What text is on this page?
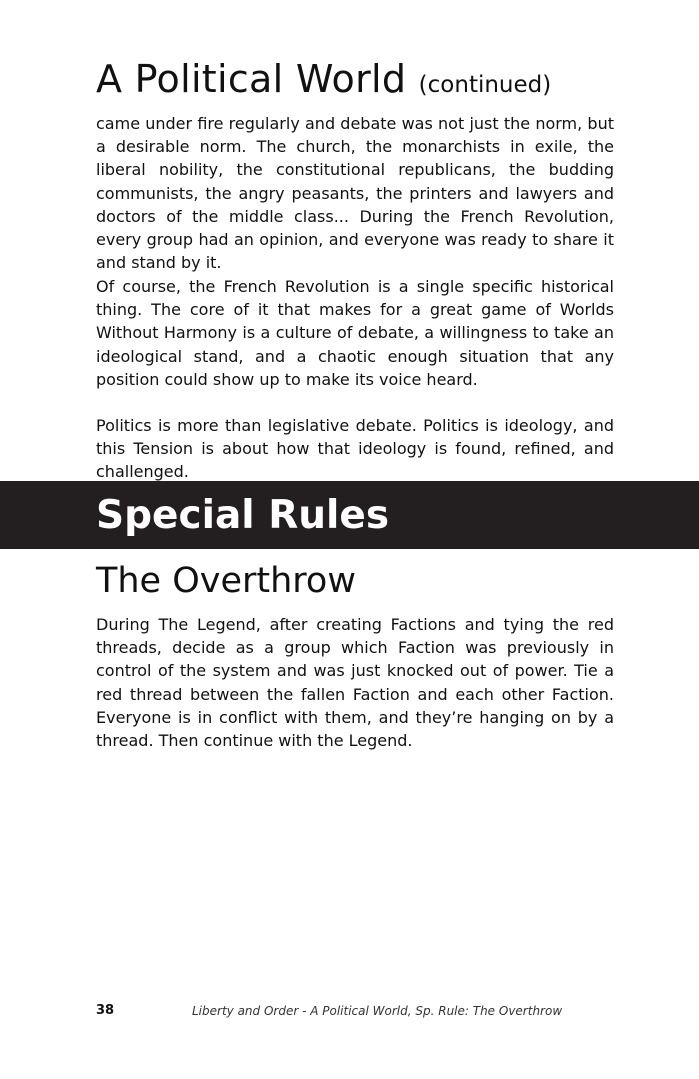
A Political World (continued)

came under fire regularly and debate was not just the norm, but a desirable norm. The church, the monarchists in exile, the liberal nobility, the constitutional republicans, the budding communists, the angry peasants, the printers and lawyers and doctors of the middle class... During the French Revolution, every group had an opinion, and everyone was ready to share it and stand by it.

Of course, the French Revolution is a single specific historical thing. The core of it that makes for a great game of Worlds Without Harmony is a culture of debate, a willingness to take an ideological stand, and a chaotic enough situation that any position could show up to make its voice heard.

Politics is more than legislative debate. Politics is ideology, and this Tension is about how that ideology is found, refined, and challenged.

Special Rules
The Overthrow

During The Legend, after creating Factions and tying the red threads, decide as a group which Faction was previously in control of the system and was just knocked out of power. Tie a red thread between the fallen Faction and each other Faction. Everyone is in conflict with them, and they’re hanging on by a thread. Then continue with the Legend.

38	Liberty and Order - A Political World, Sp. Rule: The Overthrow
